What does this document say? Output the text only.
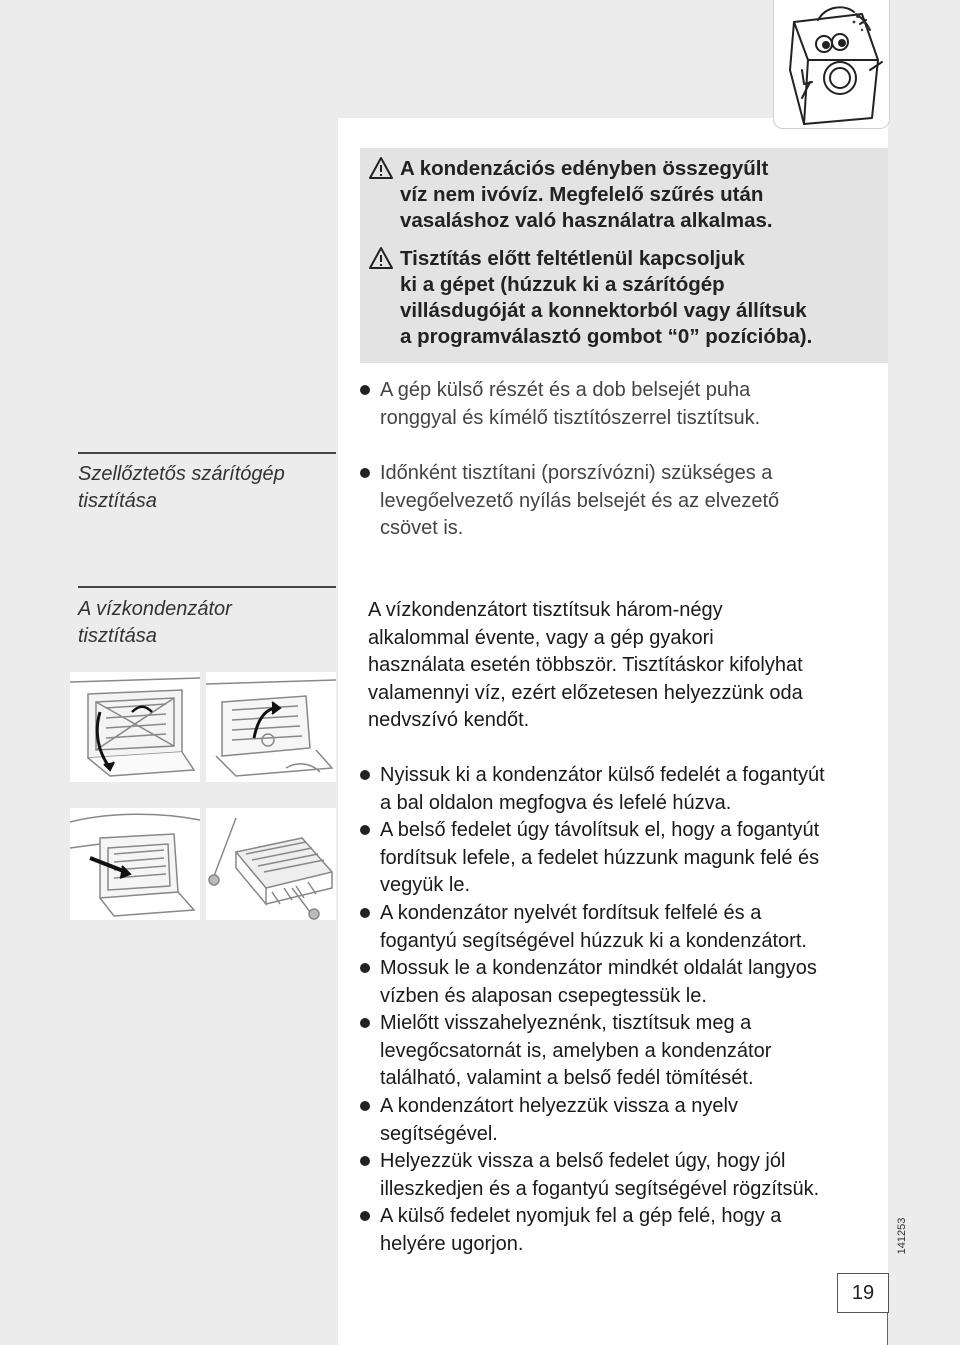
A kondenzációs edényben összegyűlt
víz nem ivóvíz. Megfelelő szűrés után
vasaláshoz való használatra alkalmas.
Tisztítás előtt feltétlenül kapcsoljuk
ki a gépet (húzzuk ki a szárítógép
villásdugóját a konnektorból vagy állítsuk
a programválasztó gombot “0” pozícióba).
A gép külső részét és a dob belsejét puha
ronggyal és kímélő tisztítószerrel tisztítsuk.
Szellőztetős szárítógép
tisztítása
Időnként tisztítani (porszívózni) szükséges a
levegőelvezető nyílás belsejét és az elvezető
csövet is.
A vízkondenzátor
tisztítása
A vízkondenzátort tisztítsuk három-négy
alkalommal évente, vagy a gép gyakori
használata esetén többször. Tisztításkor kifolyhat
valamennyi víz, ezért előzetesen helyezzünk oda
nedvszívó kendőt.
Nyissuk ki a kondenzátor külső fedelét a fogantyút
a bal oldalon megfogva és lefelé húzva.
A belső fedelet úgy távolítsuk el, hogy a fogantyút
fordítsuk lefele, a fedelet húzzunk magunk felé és
vegyük le.
A kondenzátor nyelvét fordítsuk felfelé és a
fogantyú segítségével húzzuk ki a kondenzátort.
Mossuk le a kondenzátor mindkét oldalát langyos
vízben és alaposan csepegtessük le.
Mielőtt visszahelyeznénk, tisztítsuk meg a
levegőcsatornát is, amelyben a kondenzátor
található, valamint a belső fedél tömítését.
A kondenzátort helyezzük vissza a nyelv
segítségével.
Helyezzük vissza a belső fedelet úgy, hogy jól
illeszkedjen és a fogantyú segítségével rögzítsük.
A külső fedelet nyomjuk fel a gép felé, hogy a
helyére ugorjon.	141253
19
